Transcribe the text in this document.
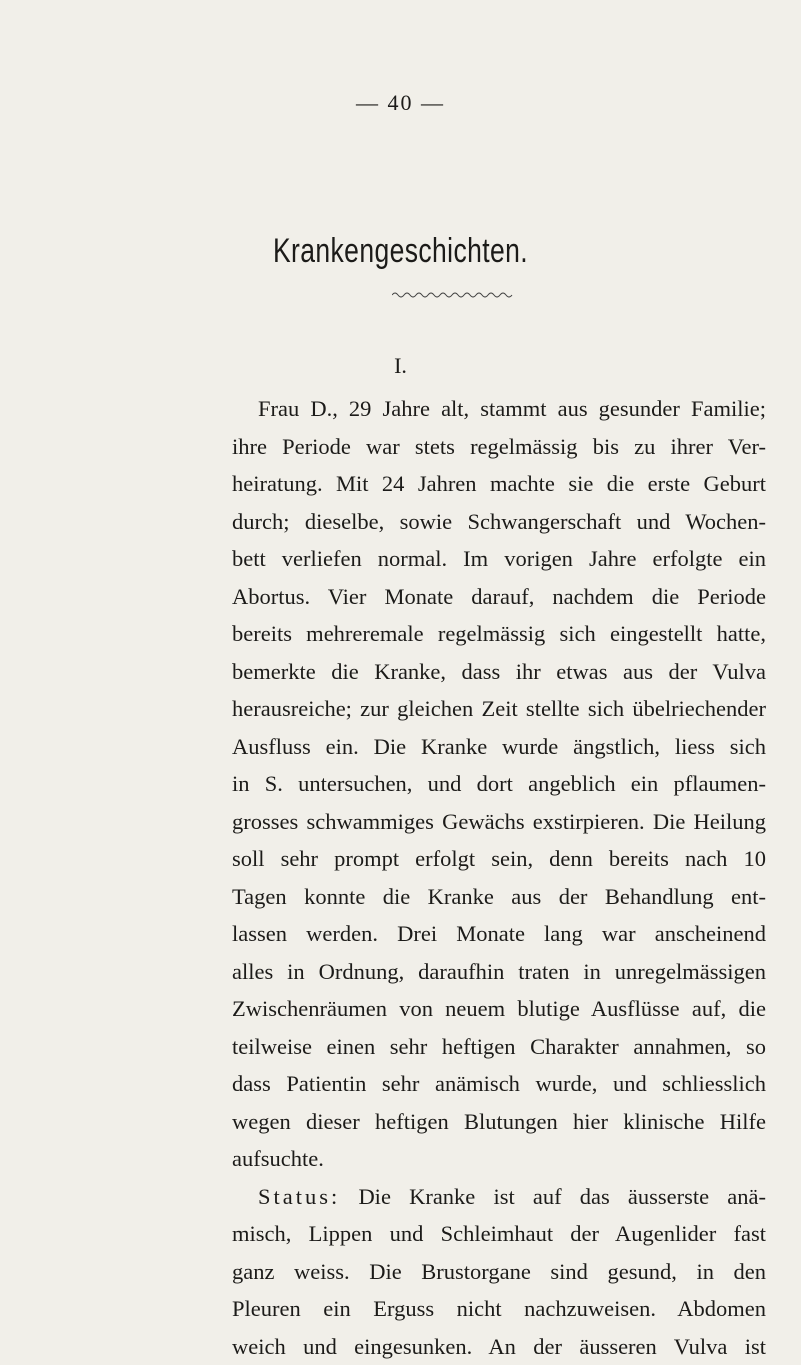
— 40 —
Krankengeschichten.
I.
Frau D., 29 Jahre alt, stammt aus gesunder Familie;
ihre Periode war stets regelmässig bis zu ihrer Ver-
heiratung. Mit 24 Jahren machte sie die erste Geburt
durch; dieselbe, sowie Schwangerschaft und Wochen-
bett verliefen normal. Im vorigen Jahre erfolgte ein
Abortus. Vier Monate darauf, nachdem die Periode
bereits mehreremale regelmässig sich eingestellt hatte,
bemerkte die Kranke, dass ihr etwas aus der Vulva
herausreiche; zur gleichen Zeit stellte sich übelriechender
Ausfluss ein. Die Kranke wurde ängstlich, liess sich
in S. untersuchen, und dort angeblich ein pflaumen-
grosses schwammiges Gewächs exstirpieren. Die Heilung
soll sehr prompt erfolgt sein, denn bereits nach 10
Tagen konnte die Kranke aus der Behandlung ent-
lassen werden. Drei Monate lang war anscheinend
alles in Ordnung, daraufhin traten in unregelmässigen
Zwischenräumen von neuem blutige Ausflüsse auf, die
teilweise einen sehr heftigen Charakter annahmen, so
dass Patientin sehr anämisch wurde, und schliesslich
wegen dieser heftigen Blutungen hier klinische Hilfe
aufsuchte.
Status: Die Kranke ist auf das äusserste anä-
misch, Lippen und Schleimhaut der Augenlider fast
ganz weiss. Die Brustorgane sind gesund, in den
Pleuren ein Erguss nicht nachzuweisen. Abdomen
weich und eingesunken. An der äusseren Vulva ist
